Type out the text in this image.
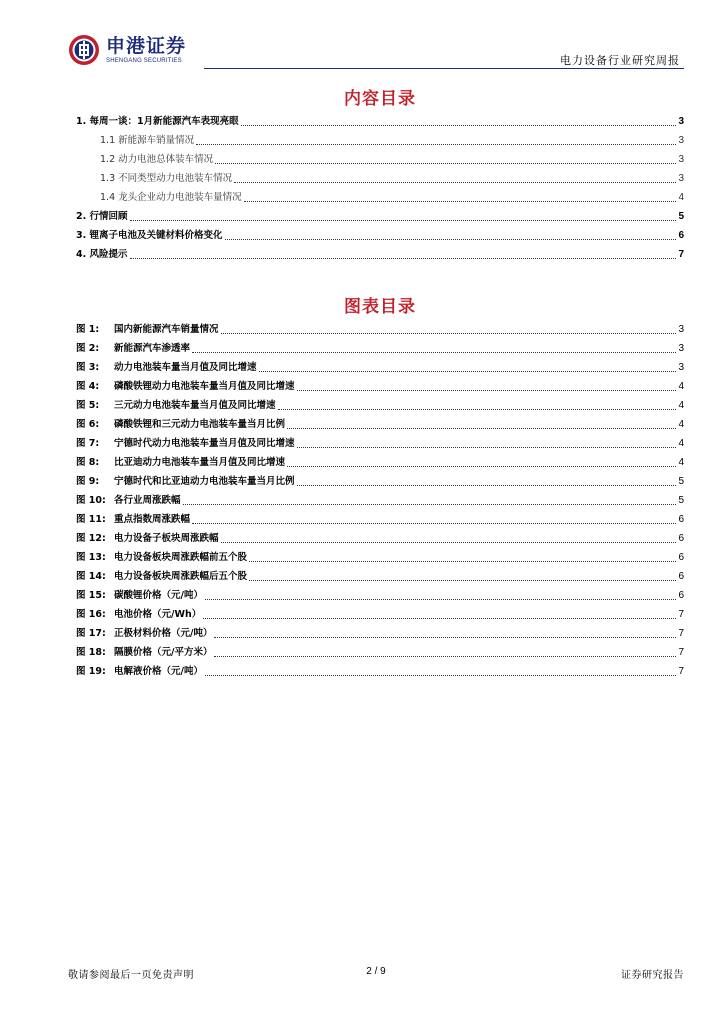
申港证券
SHENGANG SECURITIES	电力设备行业研究周报
内容目录
1. 每周一谈：1月新能源汽车表现亮眼	3
1.1 新能源车销量情况	3
1.2 动力电池总体装车情况	3
1.3 不同类型动力电池装车情况	3
1.4 龙头企业动力电池装车量情况	4
2. 行情回顾	5
3. 锂离子电池及关键材料价格变化	6
4. 风险提示	7
图表目录
图 1:	国内新能源汽车销量情况	3
图 2:	新能源汽车渗透率	3
图 3:	动力电池装车量当月值及同比增速	3
图 4:	磷酸铁锂动力电池装车量当月值及同比增速	4
图 5:	三元动力电池装车量当月值及同比增速	4
图 6:	磷酸铁锂和三元动力电池装车量当月比例	4
图 7:	宁德时代动力电池装车量当月值及同比增速	4
图 8:	比亚迪动力电池装车量当月值及同比增速	4
图 9:	宁德时代和比亚迪动力电池装车量当月比例	5
图 10: 各行业周涨跌幅	5
图 11: 重点指数周涨跌幅	6
图 12: 电力设备子板块周涨跌幅	6
图 13: 电力设备板块周涨跌幅前五个股	6
图 14: 电力设备板块周涨跌幅后五个股	6
图 15: 碳酸锂价格（元/吨）	6
图 16: 电池价格（元/Wh）	7
图 17: 正极材料价格（元/吨）	7
图 18: 隔膜价格（元/平方米）	7
图 19: 电解液价格（元/吨）	7
敬请参阅最后一页免责声明	2 / 9	证券研究报告
